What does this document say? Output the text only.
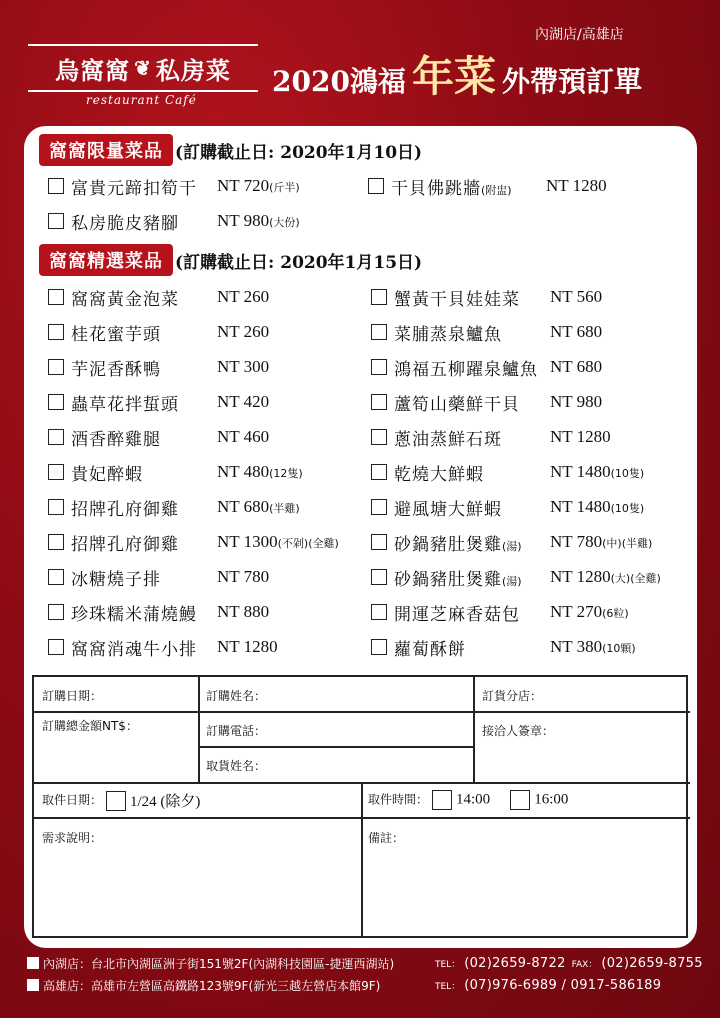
烏窩窩 ❦ 私房菜
restaurant Café
內湖店/高雄店
2020鴻福 年菜 外帶預訂單
窩窩限量菜品 (訂購截止日: 2020年1月10日)
富貴元蹄扣筍干 NT 720(斤半)	干貝佛跳牆(附盅) NT 1280
私房脆皮豬腳 NT 980(大份)
窩窩精選菜品 (訂購截止日: 2020年1月15日)
窩窩黃金泡菜 NT 260
桂花蜜芋頭	NT 260
芋泥香酥鴨	NT 300
蟲草花拌蜇頭 NT 420
酒香醉雞腿	NT 460
貴妃醉蝦	NT 480(12隻)
招牌孔府御雞 NT 680(半雞)
招牌孔府御雞 NT 1300(不剁)(全雞)
冰糖燒子排	NT 780
珍珠糯米蒲燒鰻 NT 880
窩窩消魂牛小排 NT 1280
蟹黃干貝娃娃菜 NT 560
菜脯蒸泉鱸魚	NT 680
鴻福五柳躍泉鱸魚 NT 680
蘆筍山藥鮮干貝 NT 980
蔥油蒸鮮石斑	NT 1280
乾燒大鮮蝦	NT 1480(10隻)
避風塘大鮮蝦	NT 1480(10隻)
砂鍋豬肚煲雞(湯) NT 780(中)(半雞)
砂鍋豬肚煲雞(湯) NT 1280(大)(全雞)
開運芝麻香菇包 NT 270(6粒)
蘿蔔酥餅	NT 380(10顆)
訂購日期：	訂購姓名：	訂貨分店：
訂購總金額NT$：	訂購電話：	接洽人簽章：
取貨姓名：
取件日期： 1/24 (除夕)	取件時間： 14:00	16:00
需求說明：	備註：
內湖店：台北市內湖區洲子街151號2F(內湖科技園區-捷運西湖站)	TEL： (02)2659-8722 FAX： (02)2659-8755
高雄店：高雄市左營區高鐵路123號9F(新光三越左營店本館9F)	TEL： (07)976-6989 / 0917-586189
